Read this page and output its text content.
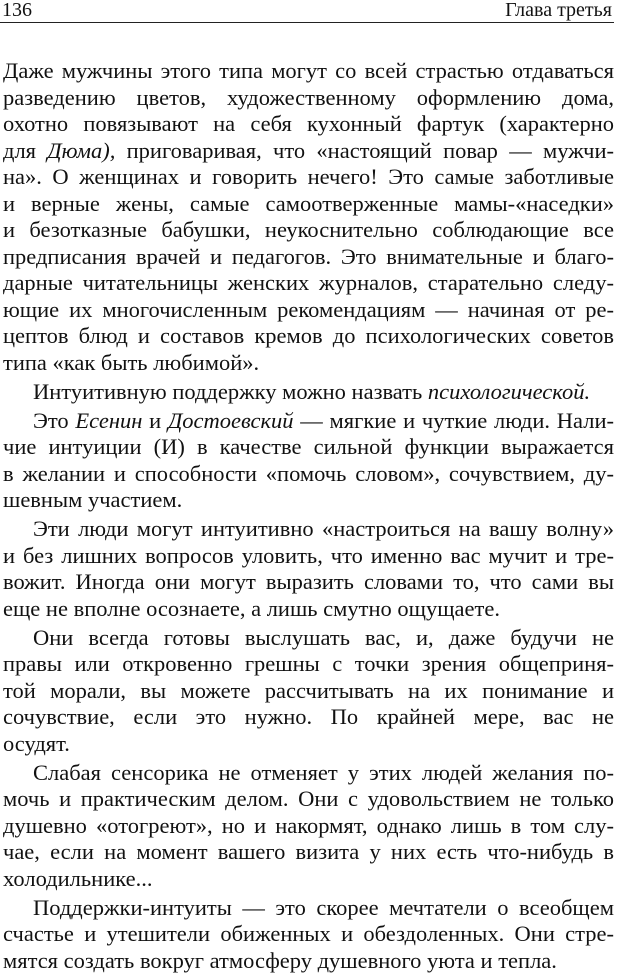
136	Глава третья
Даже мужчины этого типа могут со всей страстью отдаваться
разведению цветов, художественному оформлению дома,
охотно повязывают на себя кухонный фартук (характерно
для Дюма), приговаривая, что «настоящий повар — мужчи-
на». О женщинах и говорить нечего! Это самые заботливые
и верные жены, самые самоотверженные мамы-«наседки»
и безотказные бабушки, неукоснительно соблюдающие все
предписания врачей и педагогов. Это внимательные и благо-
дарные читательницы женских журналов, старательно следу-
ющие их многочисленным рекомендациям — начиная от ре-
цептов блюд и составов кремов до психологических советов
типа «как быть любимой».
Интуитивную поддержку можно назвать психологической.
Это Есенин и Достоевский — мягкие и чуткие люди. Нали-
чие интуиции (И) в качестве сильной функции выражается
в желании и способности «помочь словом», сочувствием, ду-
шевным участием.
Эти люди могут интуитивно «настроиться на вашу волну»
и без лишних вопросов уловить, что именно вас мучит и тре-
вожит. Иногда они могут выразить словами то, что сами вы
еще не вполне осознаете, а лишь смутно ощущаете.
Они всегда готовы выслушать вас, и, даже будучи не
правы или откровенно грешны с точки зрения общеприня-
той морали, вы можете рассчитывать на их понимание и
сочувствие, если это нужно. По крайней мере, вас не
осудят.
Слабая сенсорика не отменяет у этих людей желания по-
мочь и практическим делом. Они с удовольствием не только
душевно «отогреют», но и накормят, однако лишь в том слу-
чае, если на момент вашего визита у них есть что-нибудь в
холодильнике...
Поддержки-интуиты — это скорее мечтатели о всеобщем
счастье и утешители обиженных и обездоленных. Они стре-
мятся создать вокруг атмосферу душевного уюта и тепла.
